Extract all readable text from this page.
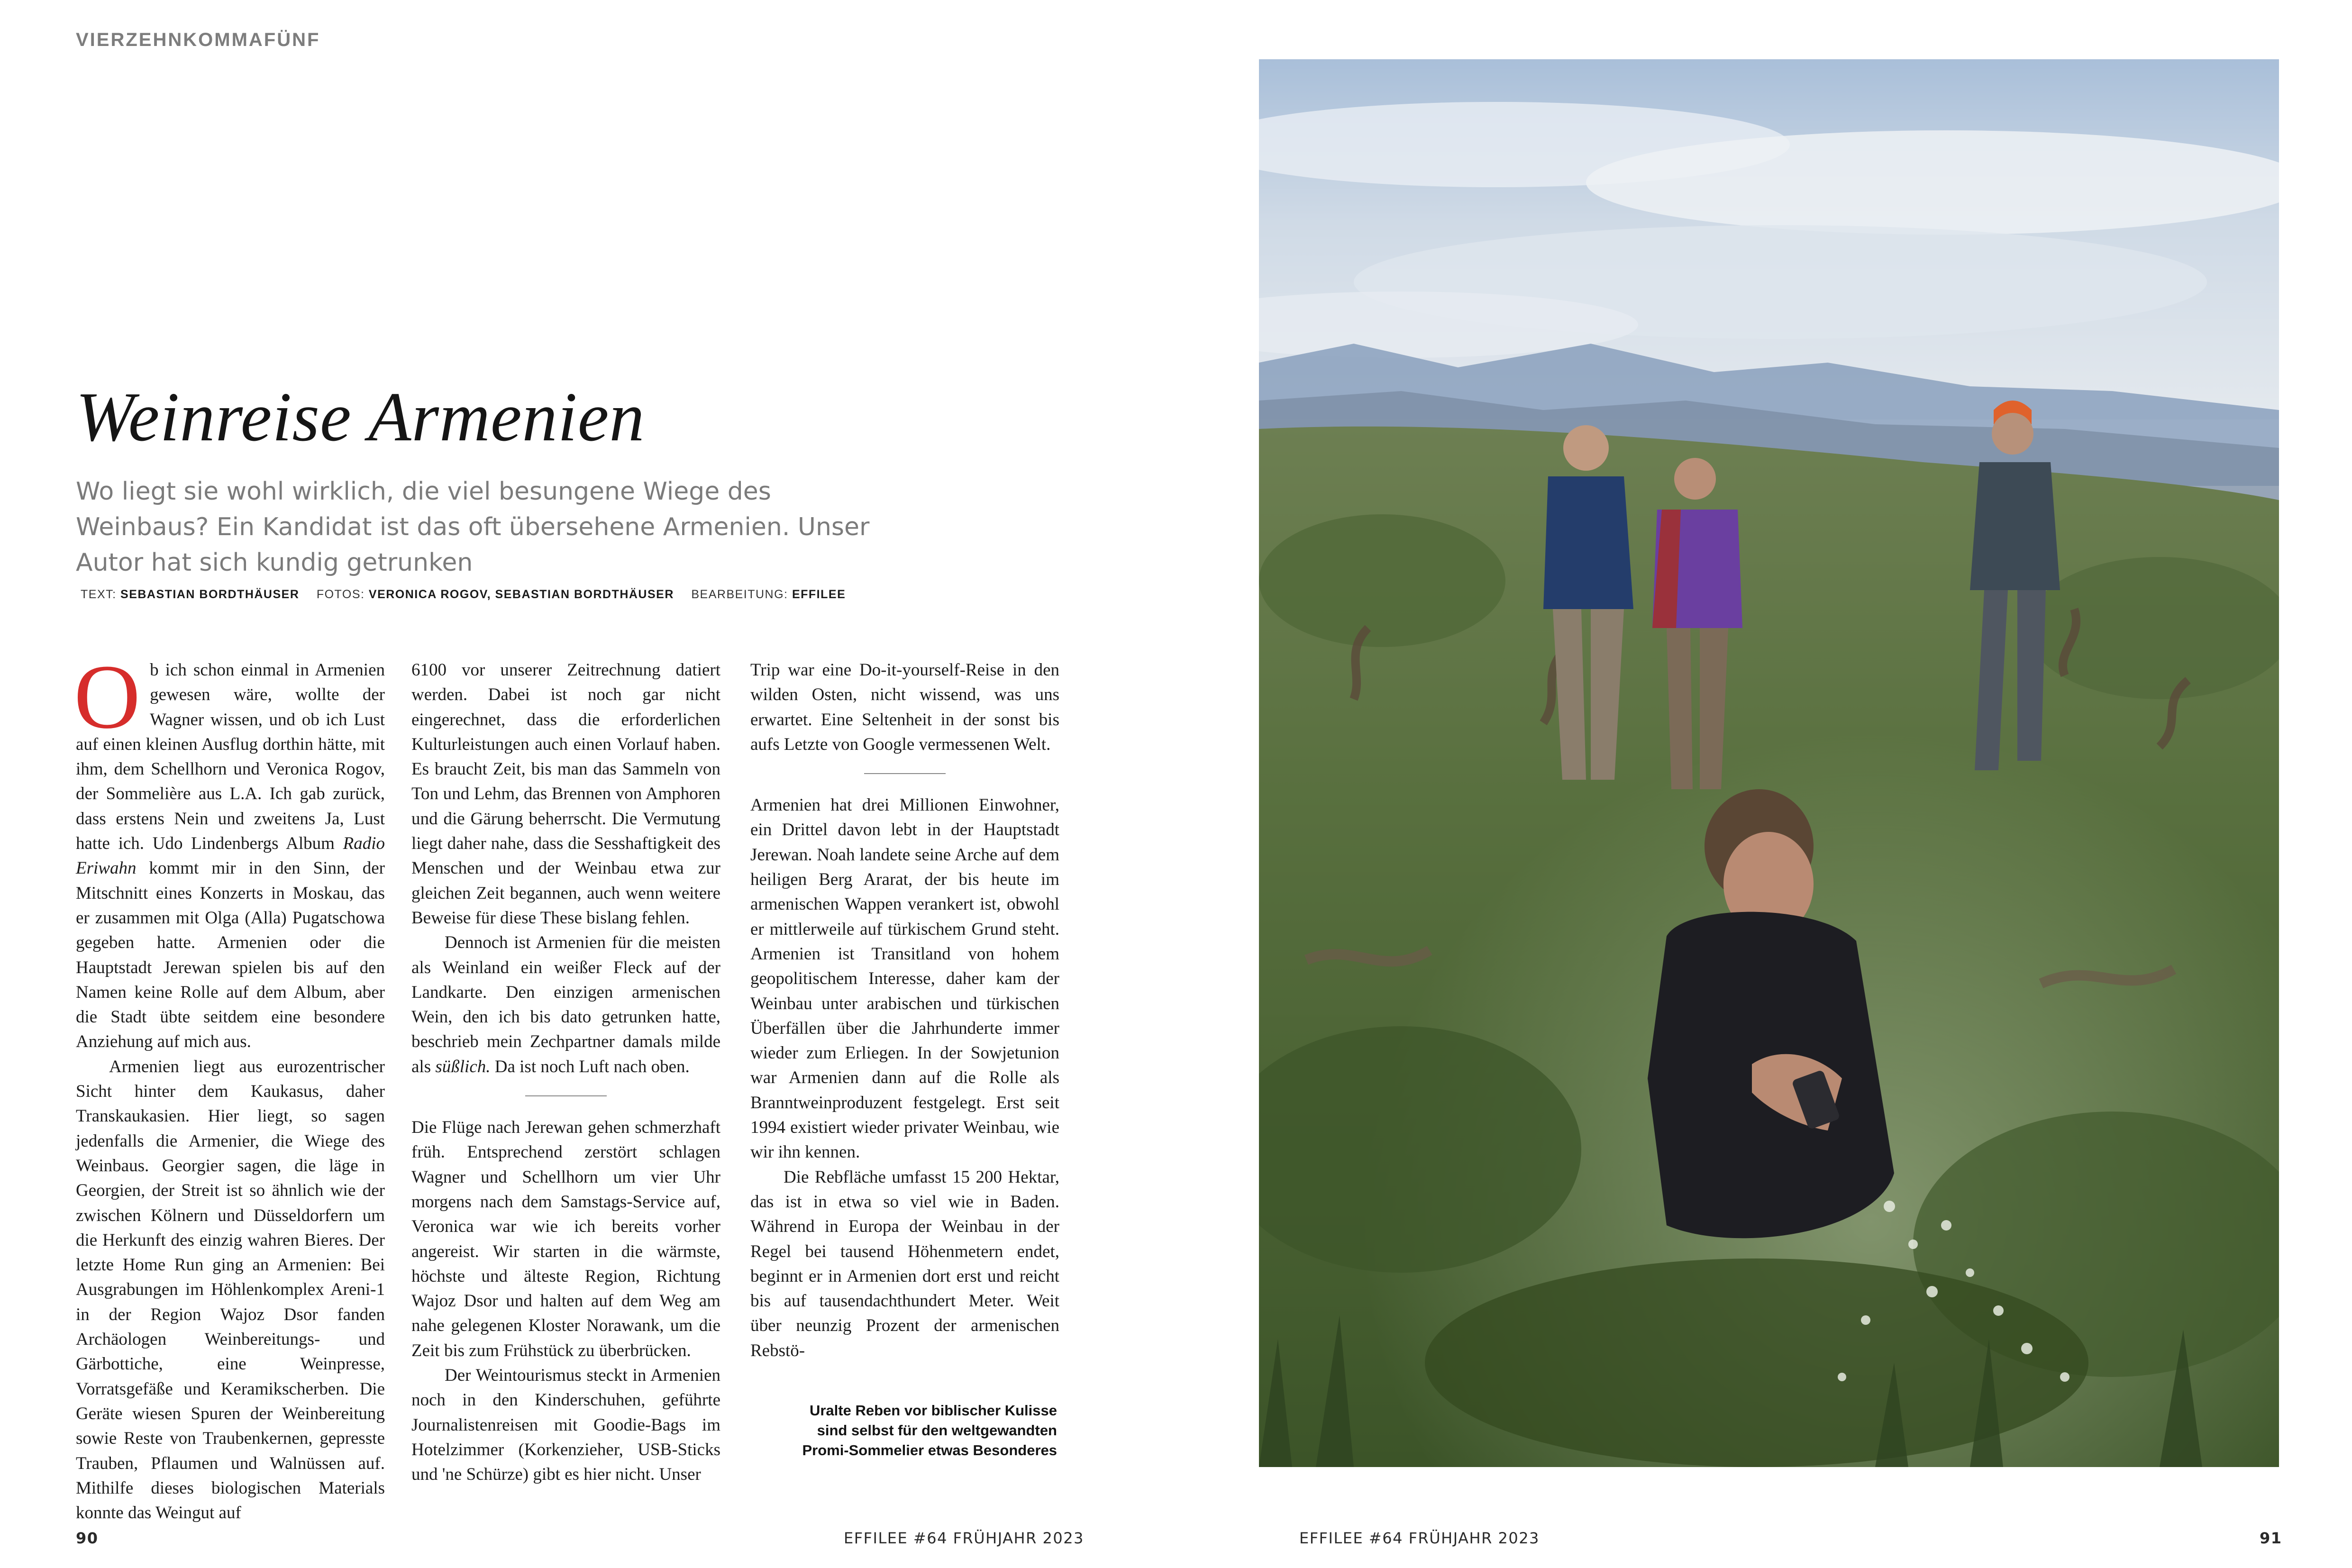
VIERZEHNKOMMAFÜNF
Weinreise Armenien

Wo liegt sie wohl wirklich, die viel besungene Wiege des Weinbaus? Ein Kandidat ist das oft übersehene Armenien. Unser Autor hat sich kundig getrunken

TEXT: SEBASTIAN BORDTHÄUSER FOTOS: VERONICA ROGOV, SEBASTIAN BORDTHÄUSER BEARBEITUNG: EFFILEE

Ob ich schon einmal in Armenien gewesen wäre, wollte der Wagner wissen, und ob ich Lust auf einen kleinen Ausflug dorthin hätte, mit ihm, dem Schellhorn und Veronica Rogov, der Sommelière aus L.A. Ich gab zurück, dass erstens Nein und zweitens Ja, Lust hatte ich. Udo Lindenbergs Album Radio Eriwahn kommt mir in den Sinn, der Mitschnitt eines Konzerts in Moskau, das er zusammen mit Olga (Alla) Pugatschowa gegeben hatte. Armenien oder die Hauptstadt Jerewan spielen bis auf den Namen keine Rolle auf dem Album, aber die Stadt übte seitdem eine besondere Anziehung auf mich aus.

Armenien liegt aus eurozentrischer Sicht hinter dem Kaukasus, daher Transkaukasien. Hier liegt, so sagen jedenfalls die Armenier, die Wiege des Weinbaus. Georgier sagen, die läge in Georgien, der Streit ist so ähnlich wie der zwischen Kölnern und Düsseldorfern um die Herkunft des einzig wahren Bieres. Der letzte Home Run ging an Armenien: Bei Ausgrabungen im Höhlenkomplex Areni-1 in der Region Wajoz Dsor fanden Archäologen Weinbereitungs- und Gärbottiche, eine Weinpresse, Vorratsgefäße und Keramikscherben. Die Geräte wiesen Spuren der Weinbereitung sowie Reste von Traubenkernen, gepresste Trauben, Pflaumen und Walnüssen auf. Mithilfe dieses biologischen Materials konnte das Weingut auf

6100 vor unserer Zeitrechnung datiert werden. Dabei ist noch gar nicht eingerechnet, dass die erforderlichen Kulturleistungen auch einen Vorlauf haben. Es braucht Zeit, bis man das Sammeln von Ton und Lehm, das Brennen von Amphoren und die Gärung beherrscht. Die Vermutung liegt daher nahe, dass die Sesshaftigkeit des Menschen und der Weinbau etwa zur gleichen Zeit begannen, auch wenn weitere Beweise für diese These bislang fehlen.

Dennoch ist Armenien für die meisten als Weinland ein weißer Fleck auf der Landkarte. Den einzigen armenischen Wein, den ich bis dato getrunken hatte, beschrieb mein Zechpartner damals milde als süßlich. Da ist noch Luft nach oben.

Die Flüge nach Jerewan gehen schmerzhaft früh. Entsprechend zerstört schlagen Wagner und Schellhorn um vier Uhr morgens nach dem Samstags-Service auf, Veronica war wie ich bereits vorher angereist. Wir starten in die wärmste, höchste und älteste Region, Richtung Wajoz Dsor und halten auf dem Weg am nahe gelegenen Kloster Norawank, um die Zeit bis zum Frühstück zu überbrücken.

Der Weintourismus steckt in Armenien noch in den Kinderschuhen, geführte Journalistenreisen mit Goodie-Bags im Hotelzimmer (Korkenzieher, USB-Sticks und 'ne Schürze) gibt es hier nicht. Unser

Trip war eine Do-it-yourself-Reise in den wilden Osten, nicht wissend, was uns erwartet. Eine Seltenheit in der sonst bis aufs Letzte von Google vermessenen Welt.

Armenien hat drei Millionen Einwohner, ein Drittel davon lebt in der Hauptstadt Jerewan. Noah landete seine Arche auf dem heiligen Berg Ararat, der bis heute im armenischen Wappen verankert ist, obwohl er mittlerweile auf türkischem Grund steht. Armenien ist Transitland von hohem geopolitischem Interesse, daher kam der Weinbau unter arabischen und türkischen Überfällen über die Jahrhunderte immer wieder zum Erliegen. In der Sowjetunion war Armenien dann auf die Rolle als Branntweinproduzent festgelegt. Erst seit 1994 existiert wieder privater Weinbau, wie wir ihn kennen.

Die Rebfläche umfasst 15 200 Hektar, das ist in etwa so viel wie in Baden. Während in Europa der Weinbau in der Regel bei tausend Höhenmetern endet, beginnt er in Armenien dort erst und reicht bis auf tausendachthundert Meter. Weit über neunzig Prozent der armenischen Rebstö-

Uralte Reben vor biblischer Kulisse sind selbst für den weltgewandten Promi-Sommelier etwas Besonderes
90	EFFILEE #64 FRÜHJAHR 2023	EFFILEE #64 FRÜHJAHR 2023	91
